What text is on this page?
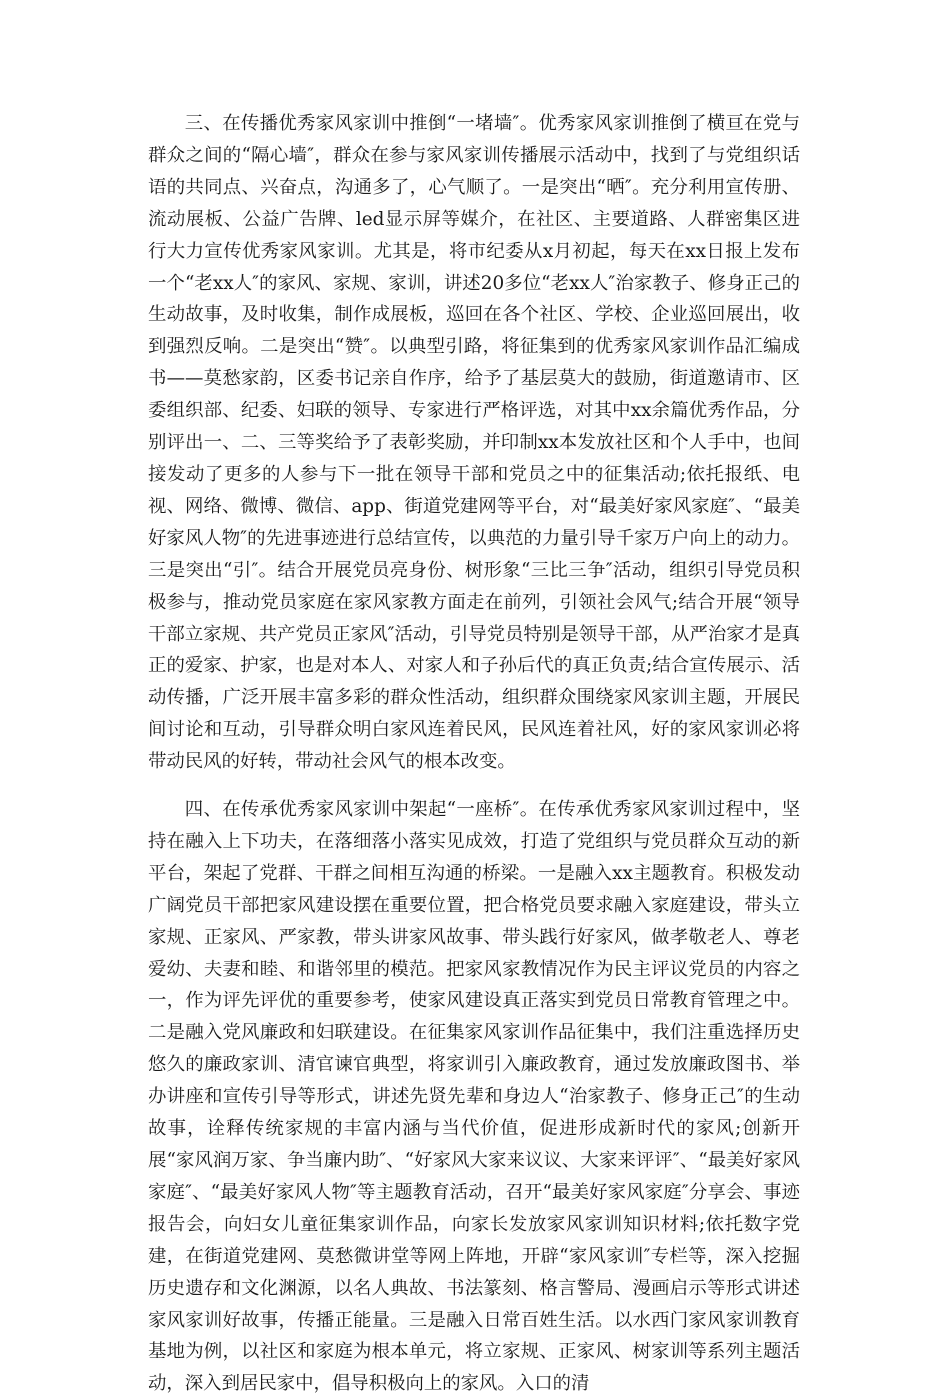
三、在传播优秀家风家训中推倒“一堵墙″。优秀家风家训推倒了横亘在党与群众之间的“隔心墙″，群众在参与家风家训传播展示活动中，找到了与党组织话语的共同点、兴奋点，沟通多了，心气顺了。一是突出“晒″。充分利用宣传册、流动展板、公益广告牌、led显示屏等媒介，在社区、主要道路、人群密集区进行大力宣传优秀家风家训。尤其是，将市纪委从x月初起，每天在xx日报上发布一个“老xx人″的家风、家规、家训，讲述20多位“老xx人″治家教子、修身正己的生动故事，及时收集，制作成展板，巡回在各个社区、学校、企业巡回展出，收到强烈反响。二是突出“赞″。以典型引路，将征集到的优秀家风家训作品汇编成书——莫愁家韵，区委书记亲自作序，给予了基层莫大的鼓励，街道邀请市、区委组织部、纪委、妇联的领导、专家进行严格评选，对其中xx余篇优秀作品，分别评出一、二、三等奖给予了表彰奖励，并印制xx本发放社区和个人手中，也间接发动了更多的人参与下一批在领导干部和党员之中的征集活动;依托报纸、电视、网络、微博、微信、app、街道党建网等平台，对“最美好家风家庭″、“最美好家风人物″的先进事迹进行总结宣传，以典范的力量引导千家万户向上的动力。三是突出“引″。结合开展党员亮身份、树形象“三比三争″活动，组织引导党员积极参与，推动党员家庭在家风家教方面走在前列，引领社会风气;结合开展“领导干部立家规、共产党员正家风″活动，引导党员特别是领导干部，从严治家才是真正的爱家、护家，也是对本人、对家人和子孙后代的真正负责;结合宣传展示、活动传播，广泛开展丰富多彩的群众性活动，组织群众围绕家风家训主题，开展民间讨论和互动，引导群众明白家风连着民风，民风连着社风，好的家风家训必将带动民风的好转，带动社会风气的根本改变。

四、在传承优秀家风家训中架起“一座桥″。在传承优秀家风家训过程中，坚持在融入上下功夫，在落细落小落实见成效，打造了党组织与党员群众互动的新平台，架起了党群、干群之间相互沟通的桥梁。一是融入xx主题教育。积极发动广阔党员干部把家风建设摆在重要位置，把合格党员要求融入家庭建设，带头立家规、正家风、严家教，带头讲家风故事、带头践行好家风，做孝敬老人、尊老爱幼、夫妻和睦、和谐邻里的模范。把家风家教情况作为民主评议党员的内容之一，作为评先评优的重要参考，使家风建设真正落实到党员日常教育管理之中。二是融入党风廉政和妇联建设。在征集家风家训作品征集中，我们注重选择历史悠久的廉政家训、清官谏官典型，将家训引入廉政教育，通过发放廉政图书、举办讲座和宣传引导等形式，讲述先贤先辈和身边人“治家教子、修身正己″的生动故事，诠释传统家规的丰富内涵与当代价值，促进形成新时代的家风;创新开展“家风润万家、争当廉内助″、“好家风大家来议议、大家来评评″、“最美好家风家庭″、“最美好家风人物″等主题教育活动，召开“最美好家风家庭″分享会、事迹报告会，向妇女儿童征集家训作品，向家长发放家风家训知识材料;依托数字党建，在街道党建网、莫愁微讲堂等网上阵地，开辟“家风家训″专栏等，深入挖掘历史遗存和文化渊源，以名人典故、书法篆刻、格言警局、漫画启示等形式讲述家风家训好故事，传播正能量。三是融入日常百姓生活。以水西门家风家训教育基地为例，以社区和家庭为根本单元，将立家规、正家风、树家训等系列主题活动，深入到居民家中，倡导积极向上的家风。入口的清
